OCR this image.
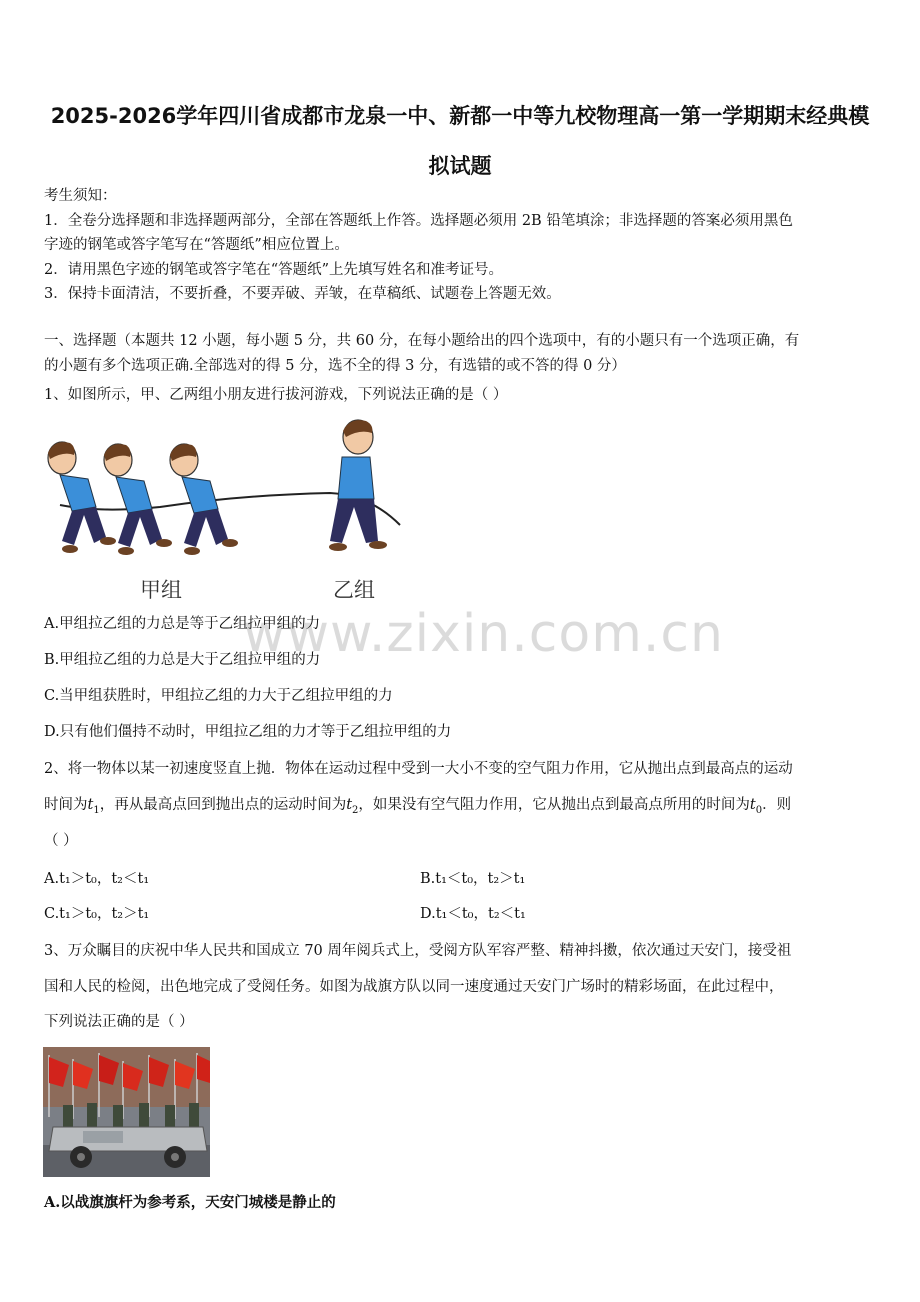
2025-2026学年四川省成都市龙泉一中、新都一中等九校物理高一第一学期期末经典模
拟试题
考生须知：
1．全卷分选择题和非选择题两部分，全部在答题纸上作答。选择题必须用 2B 铅笔填涂；非选择题的答案必须用黑色
字迹的钢笔或答字笔写在“答题纸”相应位置上。
2．请用黑色字迹的钢笔或答字笔在“答题纸”上先填写姓名和准考证号。
3．保持卡面清洁，不要折叠，不要弄破、弄皱，在草稿纸、试题卷上答题无效。
一、选择题（本题共 12 小题，每小题 5 分，共 60 分，在每小题给出的四个选项中，有的小题只有一个选项正确，有
的小题有多个选项正确.全部选对的得 5 分，选不全的得 3 分，有选错的或不答的得 0 分）
1、如图所示，甲、乙两组小朋友进行拔河游戏，下列说法正确的是（ ）
甲组	乙组
www.zixin.com.cn
A.甲组拉乙组的力总是等于乙组拉甲组的力
B.甲组拉乙组的力总是大于乙组拉甲组的力
C.当甲组获胜时，甲组拉乙组的力大于乙组拉甲组的力
D.只有他们僵持不动时，甲组拉乙组的力才等于乙组拉甲组的力
2、将一物体以某一初速度竖直上抛．物体在运动过程中受到一大小不变的空气阻力作用，它从抛出点到最高点的运动
时间为$t_1$，再从最高点回到抛出点的运动时间为$t_2$，如果没有空气阻力作用，它从抛出点到最高点所用的时间为$t_0$．则
（ ）
A.t₁＞t₀，t₂＜t₁	B.t₁＜t₀，t₂＞t₁
C.t₁＞t₀，t₂＞t₁	D.t₁＜t₀，t₂＜t₁
3、万众瞩目的庆祝中华人民共和国成立 70 周年阅兵式上，受阅方队军容严整、精神抖擞，依次通过天安门，接受祖
国和人民的检阅，出色地完成了受阅任务。如图为战旗方队以同一速度通过天安门广场时的精彩场面，在此过程中，
下列说法正确的是（ ）
A.以战旗旗杆为参考系，天安门城楼是静止的
